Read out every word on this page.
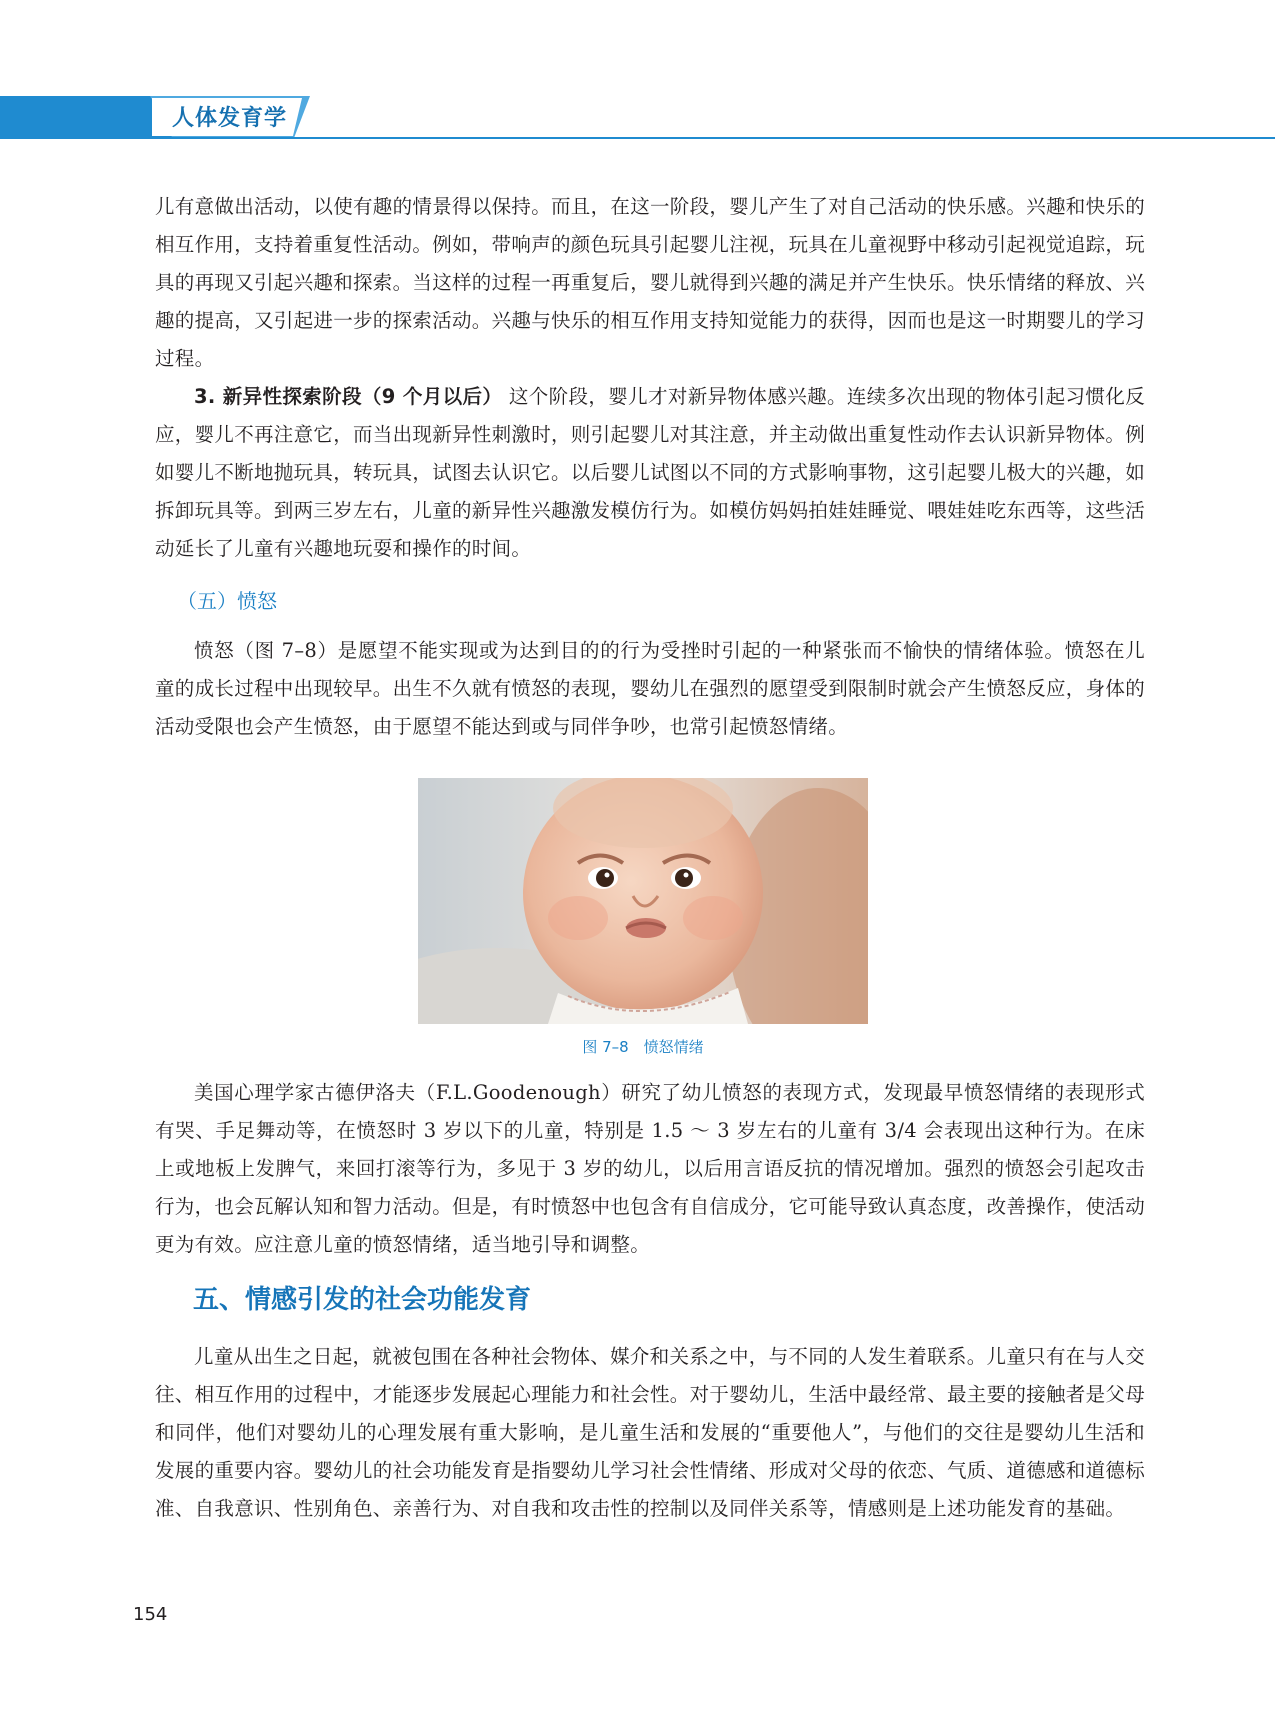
人体发育学

儿有意做出活动，以使有趣的情景得以保持。而且，在这一阶段，婴儿产生了对自己活动的快乐感。兴趣和快乐的相互作用，支持着重复性活动。例如，带响声的颜色玩具引起婴儿注视，玩具在儿童视野中移动引起视觉追踪，玩具的再现又引起兴趣和探索。当这样的过程一再重复后，婴儿就得到兴趣的满足并产生快乐。快乐情绪的释放、兴趣的提高，又引起进一步的探索活动。兴趣与快乐的相互作用支持知觉能力的获得，因而也是这一时期婴儿的学习过程。

3. 新异性探索阶段（9 个月以后） 这个阶段，婴儿才对新异物体感兴趣。连续多次出现的物体引起习惯化反应，婴儿不再注意它，而当出现新异性刺激时，则引起婴儿对其注意，并主动做出重复性动作去认识新异物体。例如婴儿不断地抛玩具，转玩具，试图去认识它。以后婴儿试图以不同的方式影响事物，这引起婴儿极大的兴趣，如拆卸玩具等。到两三岁左右，儿童的新异性兴趣激发模仿行为。如模仿妈妈拍娃娃睡觉、喂娃娃吃东西等，这些活动延长了儿童有兴趣地玩耍和操作的时间。

（五）愤怒

愤怒（图 7–8）是愿望不能实现或为达到目的的行为受挫时引起的一种紧张而不愉快的情绪体验。愤怒在儿童的成长过程中出现较早。出生不久就有愤怒的表现，婴幼儿在强烈的愿望受到限制时就会产生愤怒反应，身体的活动受限也会产生愤怒，由于愿望不能达到或与同伴争吵，也常引起愤怒情绪。

图 7–8　愤怒情绪

美国心理学家古德伊洛夫（F.L.Goodenough）研究了幼儿愤怒的表现方式，发现最早愤怒情绪的表现形式有哭、手足舞动等，在愤怒时 3 岁以下的儿童，特别是 1.5 ～ 3 岁左右的儿童有 3/4 会表现出这种行为。在床上或地板上发脾气，来回打滚等行为，多见于 3 岁的幼儿，以后用言语反抗的情况增加。强烈的愤怒会引起攻击行为，也会瓦解认知和智力活动。但是，有时愤怒中也包含有自信成分，它可能导致认真态度，改善操作，使活动更为有效。应注意儿童的愤怒情绪，适当地引导和调整。

五、情感引发的社会功能发育

儿童从出生之日起，就被包围在各种社会物体、媒介和关系之中，与不同的人发生着联系。儿童只有在与人交往、相互作用的过程中，才能逐步发展起心理能力和社会性。对于婴幼儿，生活中最经常、最主要的接触者是父母和同伴，他们对婴幼儿的心理发展有重大影响，是儿童生活和发展的“重要他人”，与他们的交往是婴幼儿生活和发展的重要内容。婴幼儿的社会功能发育是指婴幼儿学习社会性情绪、形成对父母的依恋、气质、道德感和道德标准、自我意识、性别角色、亲善行为、对自我和攻击性的控制以及同伴关系等，情感则是上述功能发育的基础。

154
